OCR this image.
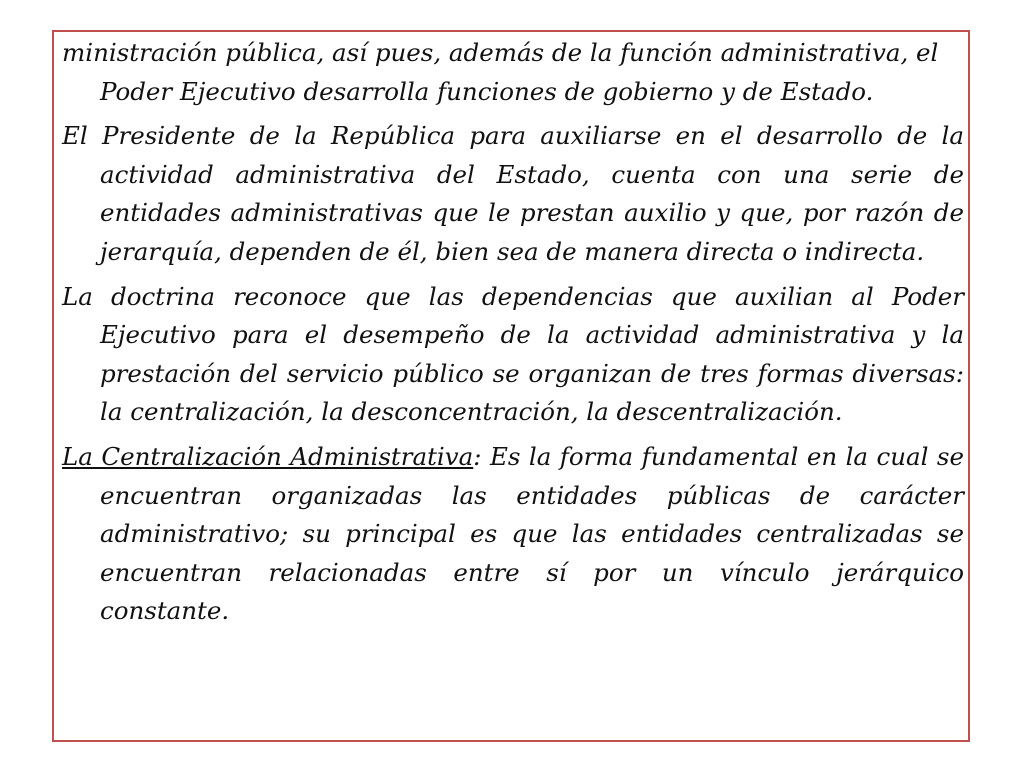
ministración pública, así pues, además de la función administrativa, el Poder Ejecutivo desarrolla funciones de gobierno y de Estado.

El Presidente de la República para auxiliarse en el desarrollo de la actividad administrativa del Estado, cuenta con una serie de entidades administrativas que le prestan auxilio y que, por razón de jerarquía, dependen de él, bien sea de manera directa o indirecta.

La doctrina reconoce que las dependencias que auxilian al Poder Ejecutivo para el desempeño de la actividad administrativa y la prestación del servicio público se organizan de tres formas diversas: la centralización, la desconcentración, la descentralización.

La Centralización Administrativa: Es la forma fundamental en la cual se encuentran organizadas las entidades públicas de carácter administrativo; su principal es que las entidades centralizadas se encuentran relacionadas entre sí por un vínculo jerárquico constante.
